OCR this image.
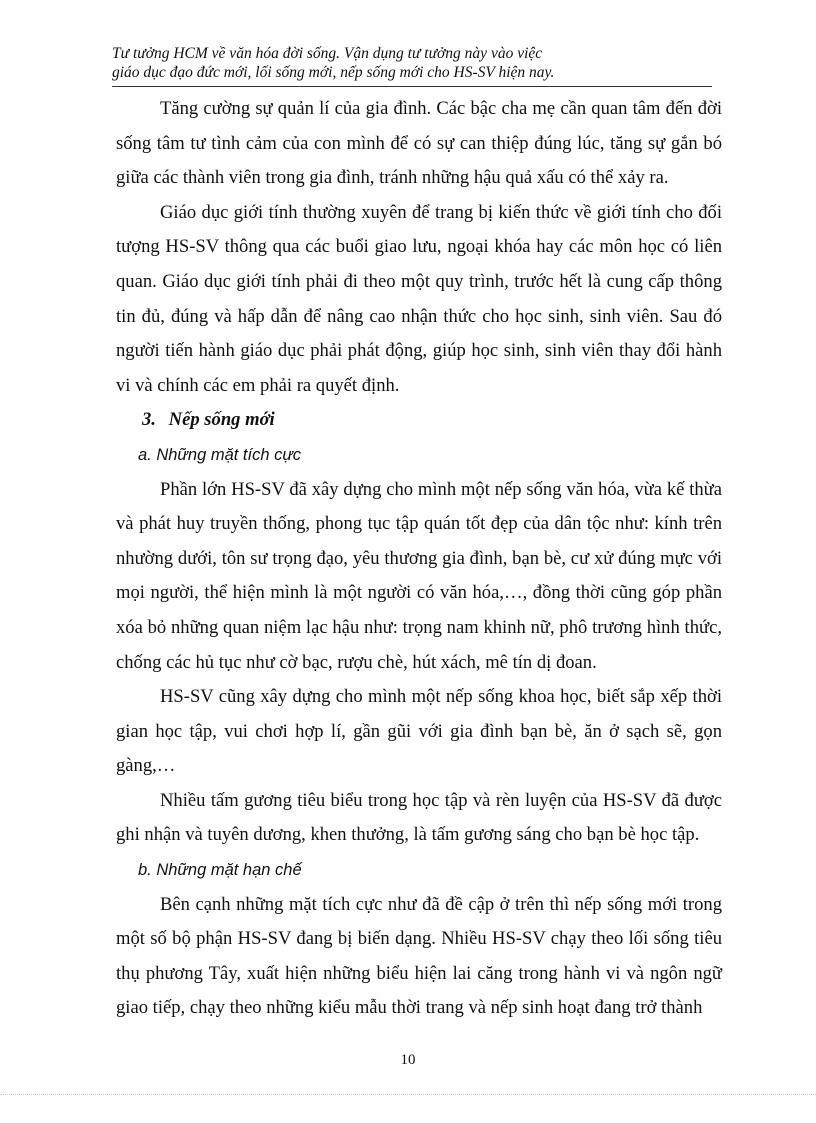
Tư tưởng HCM về văn hóa đời sống. Vận dụng tư tưởng này vào việc
giáo dục đạo đức mới, lối sống mới, nếp sống mới cho HS-SV hiện nay.

Tăng cường sự quản lí của gia đình. Các bậc cha mẹ cần quan tâm đến đời sống tâm tư tình cảm của con mình để có sự can thiệp đúng lúc, tăng sự gắn bó giữa các thành viên trong gia đình, tránh những hậu quả xấu có thể xảy ra.

Giáo dục giới tính thường xuyên để trang bị kiến thức về giới tính cho đối tượng HS-SV thông qua các buổi giao lưu, ngoại khóa hay các môn học có liên quan. Giáo dục giới tính phải đi theo một quy trình, trước hết là cung cấp thông tin đủ, đúng và hấp dẫn để nâng cao nhận thức cho học sinh, sinh viên. Sau đó người tiến hành giáo dục phải phát động, giúp học sinh, sinh viên thay đổi hành vi và chính các em phải ra quyết định.

3. Nếp sống mới

a. Những mặt tích cực

Phần lớn HS-SV đã xây dựng cho mình một nếp sống văn hóa, vừa kế thừa và phát huy truyền thống, phong tục tập quán tốt đẹp của dân tộc như: kính trên nhường dưới, tôn sư trọng đạo, yêu thương gia đình, bạn bè, cư xử đúng mực với mọi người, thể hiện mình là một người có văn hóa,…, đồng thời cũng góp phần xóa bỏ những quan niệm lạc hậu như: trọng nam khinh nữ, phô trương hình thức, chống các hủ tục như cờ bạc, rượu chè, hút xách, mê tín dị đoan.

HS-SV cũng xây dựng cho mình một nếp sống khoa học, biết sắp xếp thời gian học tập, vui chơi hợp lí, gần gũi với gia đình bạn bè, ăn ở sạch sẽ, gọn gàng,…

Nhiều tấm gương tiêu biểu trong học tập và rèn luyện của HS-SV đã được ghi nhận và tuyên dương, khen thưởng, là tấm gương sáng cho bạn bè học tập.

b. Những mặt hạn chế

Bên cạnh những mặt tích cực như đã đề cập ở trên thì nếp sống mới trong một số bộ phận HS-SV đang bị biến dạng. Nhiều HS-SV chạy theo lối sống tiêu thụ phương Tây, xuất hiện những biểu hiện lai căng trong hành vi và ngôn ngữ giao tiếp, chạy theo những kiểu mẫu thời trang và nếp sinh hoạt đang trở thành

10
